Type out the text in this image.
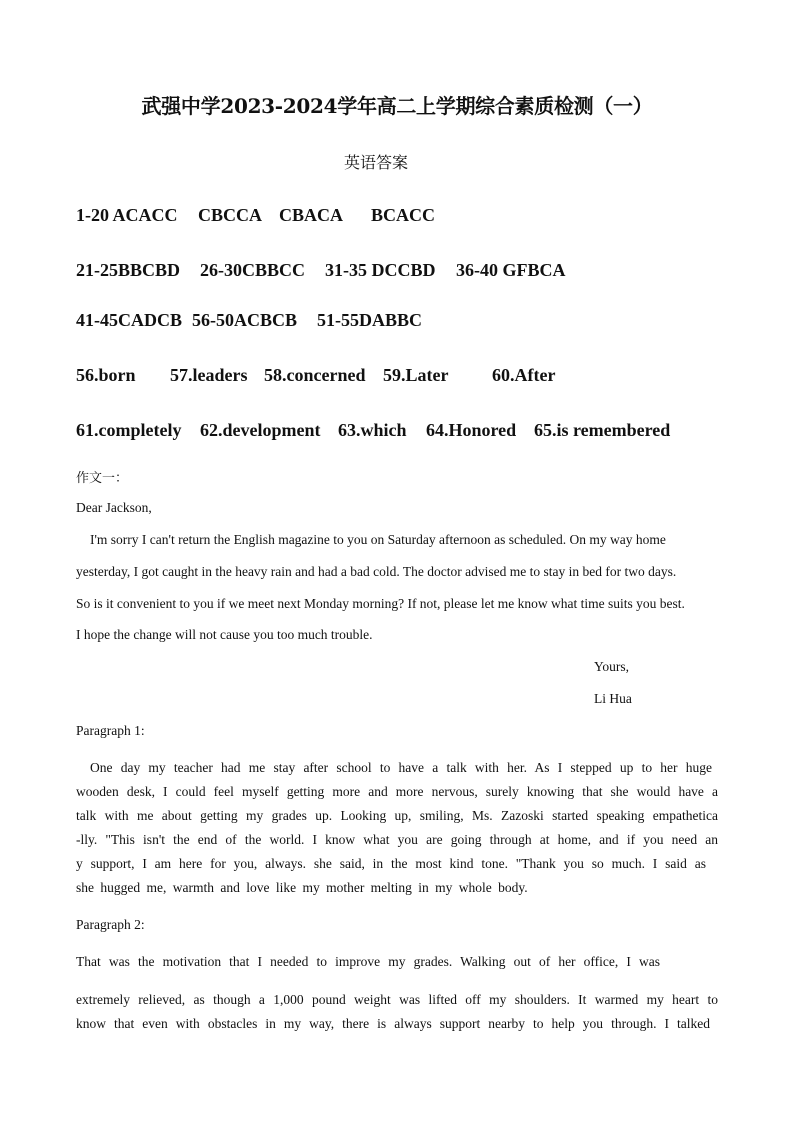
武强中学2023-2024学年高二上学期综合素质检测（一）
英语答案
1-20 ACACC CBCCA CBACA BCACC
21-25BBCBD 26-30CBBCC 31-35 DCCBD 36-40 GFBCA
41-45CADCB 56-50ACBCB 51-55DABBC
56.born 57.leaders 58.concerned 59.Later 60.After
61.completely 62.development 63.which 64.Honored 65.is remembered
作文一：
Dear Jackson,
I'm sorry I can't return the English magazine to you on Saturday afternoon as scheduled. On my way home
yesterday, I got caught in the heavy rain and had a bad cold. The doctor advised me to stay in bed for two days.
So is it convenient to you if we meet next Monday morning? If not, please let me know what time suits you best.
I hope the change will not cause you too much trouble.
Yours,
Li Hua
Paragraph 1:
One day my teacher had me stay after school to have a talk with her. As I stepped up to her huge
wooden desk, I could feel myself getting more and more nervous, surely knowing that she would have a
talk with me about getting my grades up. Looking up, smiling, Ms. Zazoski started speaking empathetica
-lly. "This isn't the end of the world. I know what you are going through at home, and if you need an
y support, I am here for you, always. she said, in the most kind tone. "Thank you so much. I said as
she hugged me, warmth and love like my mother melting in my whole body.
Paragraph 2:
That was the motivation that I needed to improve my grades. Walking out of her office, I was
extremely relieved, as though a 1,000 pound weight was lifted off my shoulders. It warmed my heart to
know that even with obstacles in my way, there is always support nearby to help you through. I talked
